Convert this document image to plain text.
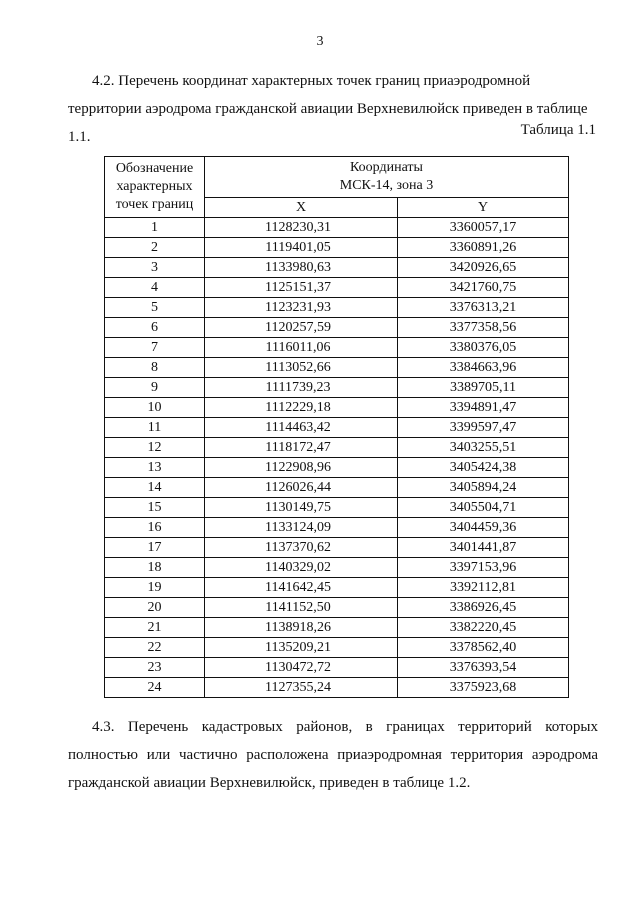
3

4.2. Перечень координат характерных точек границ приаэродромной территории аэродрома гражданской авиации Верхневилюйск приведен в таблице 1.1.	Таблица 1.1
Обозначение характерных точек границ	Координаты
МСК-14, зона 3	

	X	Y
1	1128230,31	3360057,17
2	1119401,05	3360891,26
3	1133980,63	3420926,65
4	1125151,37	3421760,75
5	1123231,93	3376313,21
6	1120257,59	3377358,56
7	1116011,06	3380376,05
8	1113052,66	3384663,96
9	1111739,23	3389705,11
10	1112229,18	3394891,47
11	1114463,42	3399597,47
12	1118172,47	3403255,51
13	1122908,96	3405424,38
14	1126026,44	3405894,24
15	1130149,75	3405504,71
16	1133124,09	3404459,36
17	1137370,62	3401441,87
18	1140329,02	3397153,96
19	1141642,45	3392112,81
20	1141152,50	3386926,45
21	1138918,26	3382220,45
22	1135209,21	3378562,40
23	1130472,72	3376393,54
24	1127355,24	3375923,68

4.3. Перечень кадастровых районов, в границах территорий которых полностью или частично расположена приаэродромная территория аэродрома гражданской авиации Верхневилюйск, приведен в таблице 1.2.
